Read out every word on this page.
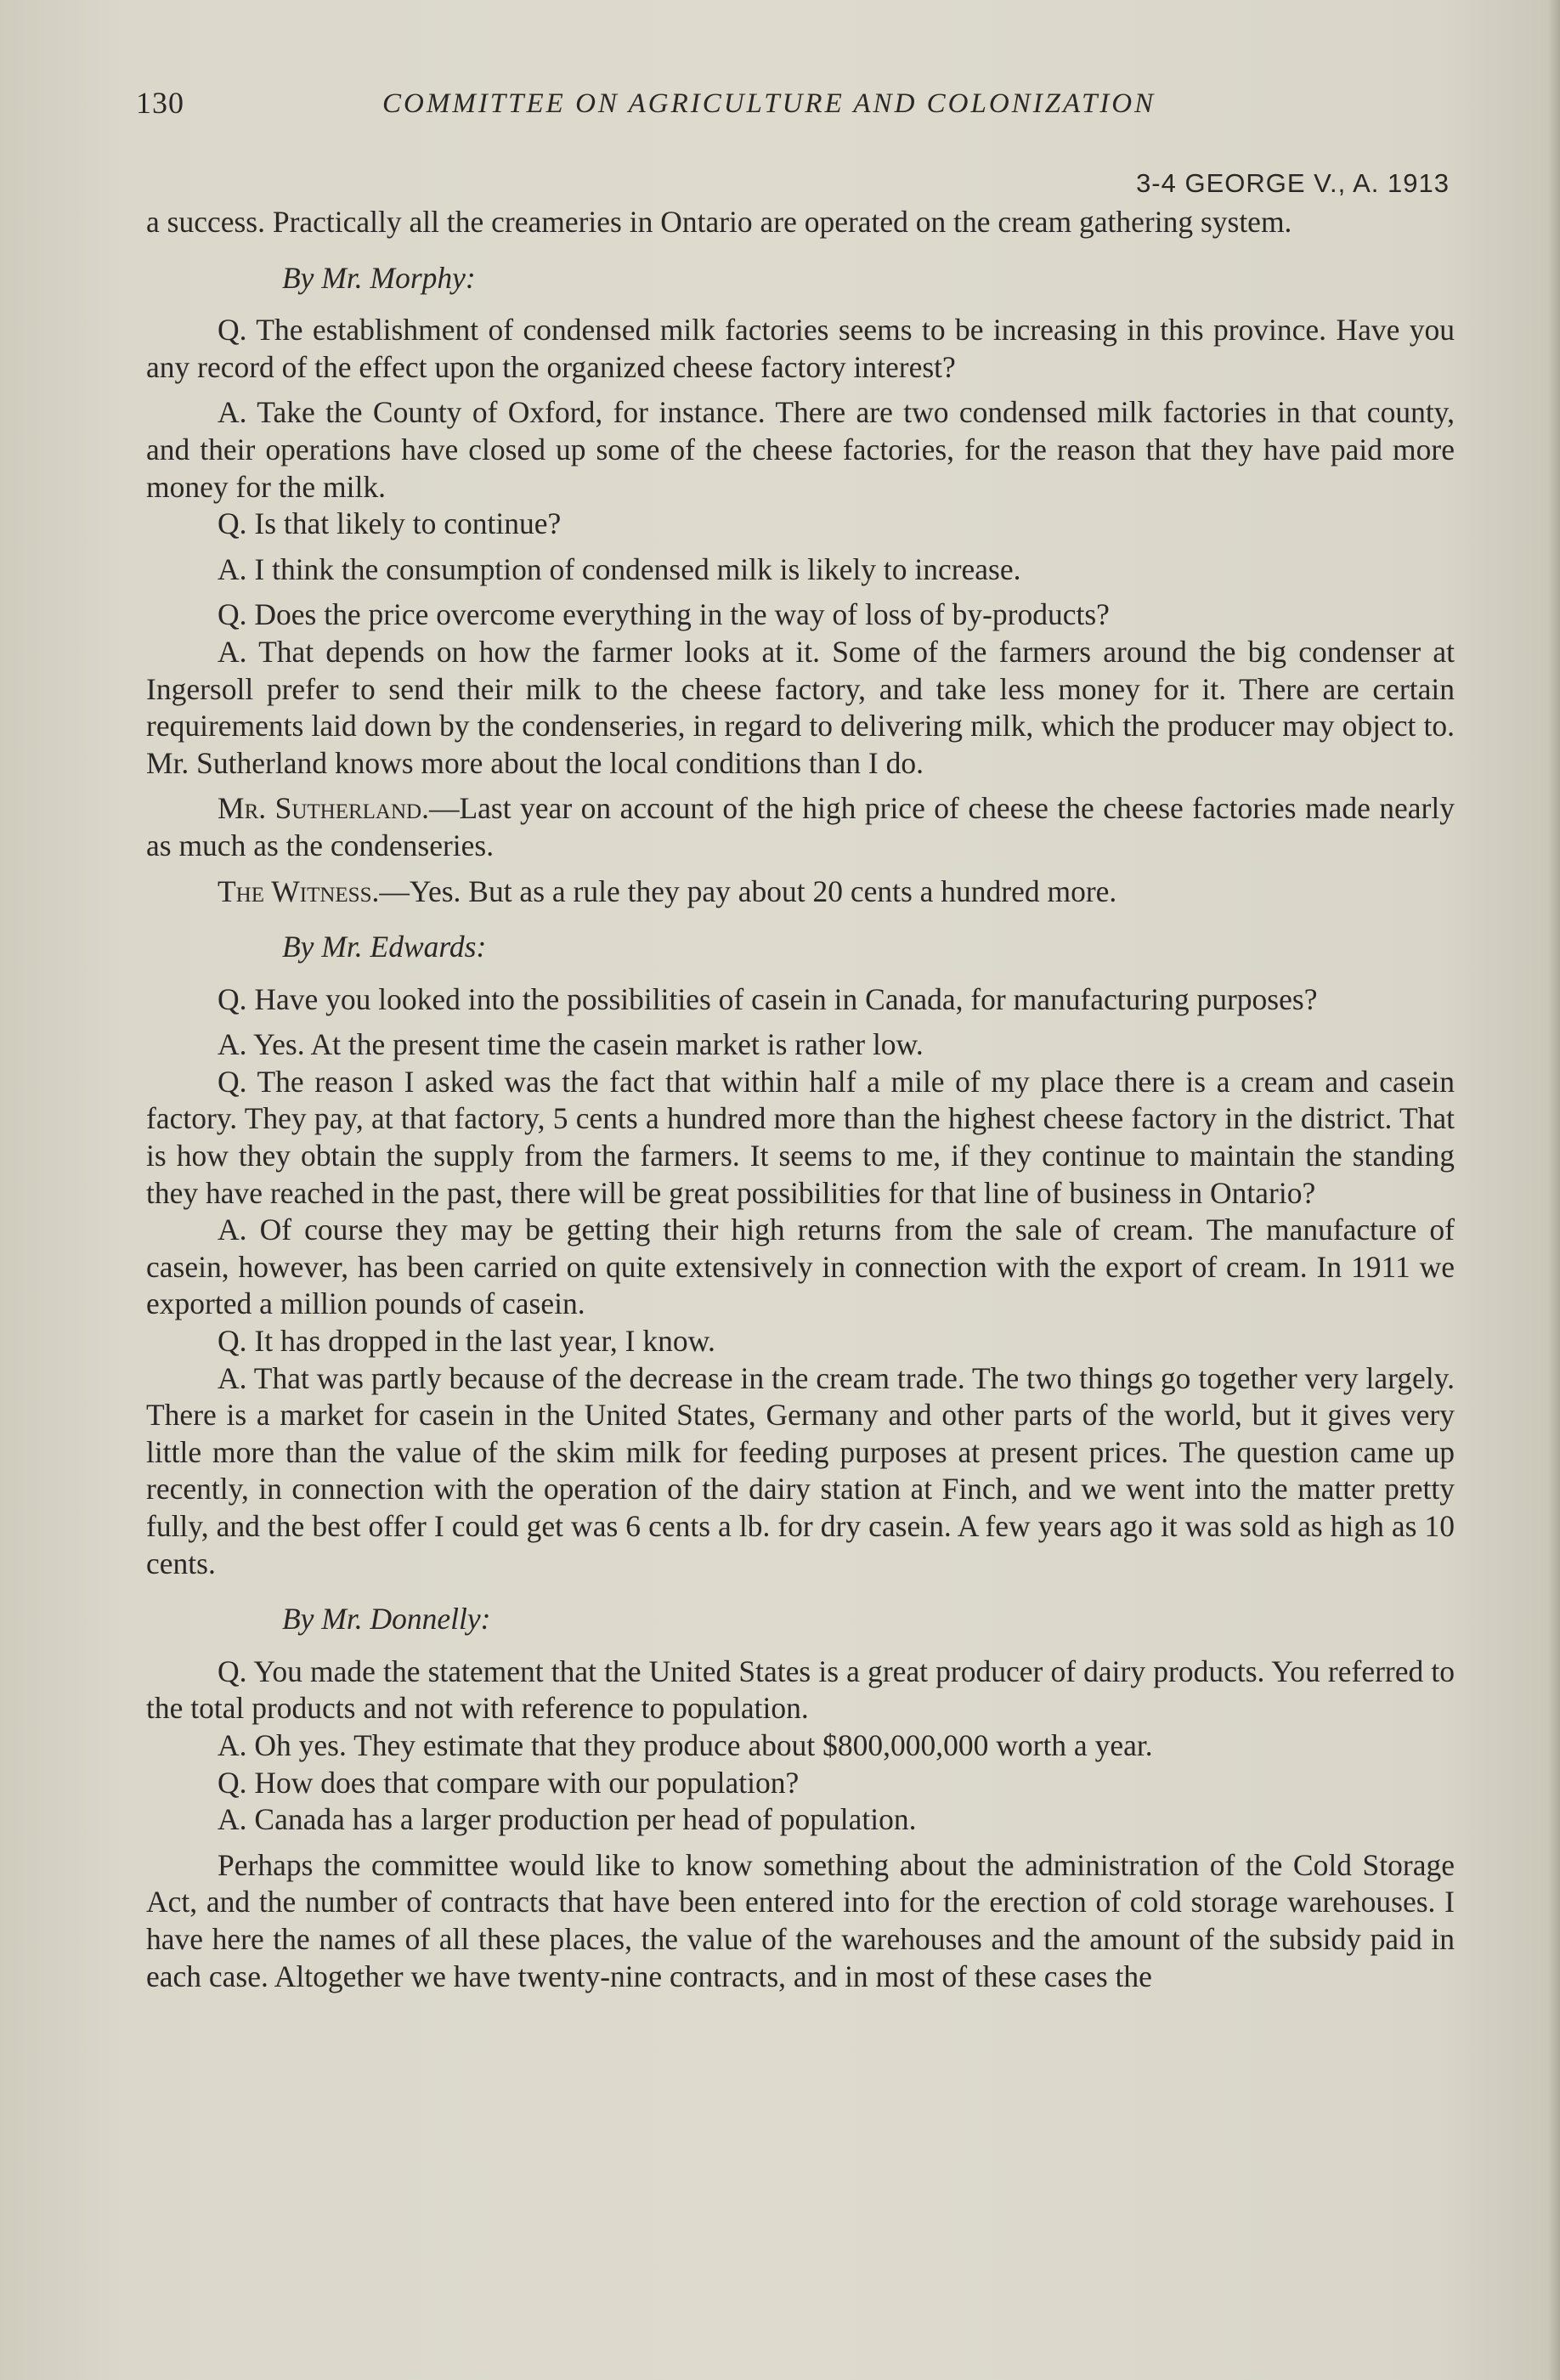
130	COMMITTEE ON AGRICULTURE AND COLONIZATION
3-4 GEORGE V., A. 1913

a success. Practically all the creameries in Ontario are operated on the cream gathering system.

By Mr. Morphy:

Q. The establishment of condensed milk factories seems to be increasing in this province. Have you any record of the effect upon the organized cheese factory interest?

A. Take the County of Oxford, for instance. There are two condensed milk factories in that county, and their operations have closed up some of the cheese factories, for the reason that they have paid more money for the milk.

Q. Is that likely to continue?

A. I think the consumption of condensed milk is likely to increase.

Q. Does the price overcome everything in the way of loss of by-products?

A. That depends on how the farmer looks at it. Some of the farmers around the big condenser at Ingersoll prefer to send their milk to the cheese factory, and take less money for it. There are certain requirements laid down by the condenseries, in regard to delivering milk, which the producer may object to. Mr. Sutherland knows more about the local conditions than I do.

Mr. Sutherland.—Last year on account of the high price of cheese the cheese factories made nearly as much as the condenseries.

The Witness.—Yes. But as a rule they pay about 20 cents a hundred more.

By Mr. Edwards:

Q. Have you looked into the possibilities of casein in Canada, for manufacturing purposes?

A. Yes. At the present time the casein market is rather low.

Q. The reason I asked was the fact that within half a mile of my place there is a cream and casein factory. They pay, at that factory, 5 cents a hundred more than the highest cheese factory in the district. That is how they obtain the supply from the farmers. It seems to me, if they continue to maintain the standing they have reached in the past, there will be great possibilities for that line of business in Ontario?

A. Of course they may be getting their high returns from the sale of cream. The manufacture of casein, however, has been carried on quite extensively in connection with the export of cream. In 1911 we exported a million pounds of casein.

Q. It has dropped in the last year, I know.

A. That was partly because of the decrease in the cream trade. The two things go together very largely. There is a market for casein in the United States, Germany and other parts of the world, but it gives very little more than the value of the skim milk for feeding purposes at present prices. The question came up recently, in connection with the operation of the dairy station at Finch, and we went into the matter pretty fully, and the best offer I could get was 6 cents a lb. for dry casein. A few years ago it was sold as high as 10 cents.

By Mr. Donnelly:

Q. You made the statement that the United States is a great producer of dairy products. You referred to the total products and not with reference to population.

A. Oh yes. They estimate that they produce about $800,000,000 worth a year.

Q. How does that compare with our population?

A. Canada has a larger production per head of population.

Perhaps the committee would like to know something about the administration of the Cold Storage Act, and the number of contracts that have been entered into for the erection of cold storage warehouses. I have here the names of all these places, the value of the warehouses and the amount of the subsidy paid in each case. Altogether we have twenty-nine contracts, and in most of these cases the
